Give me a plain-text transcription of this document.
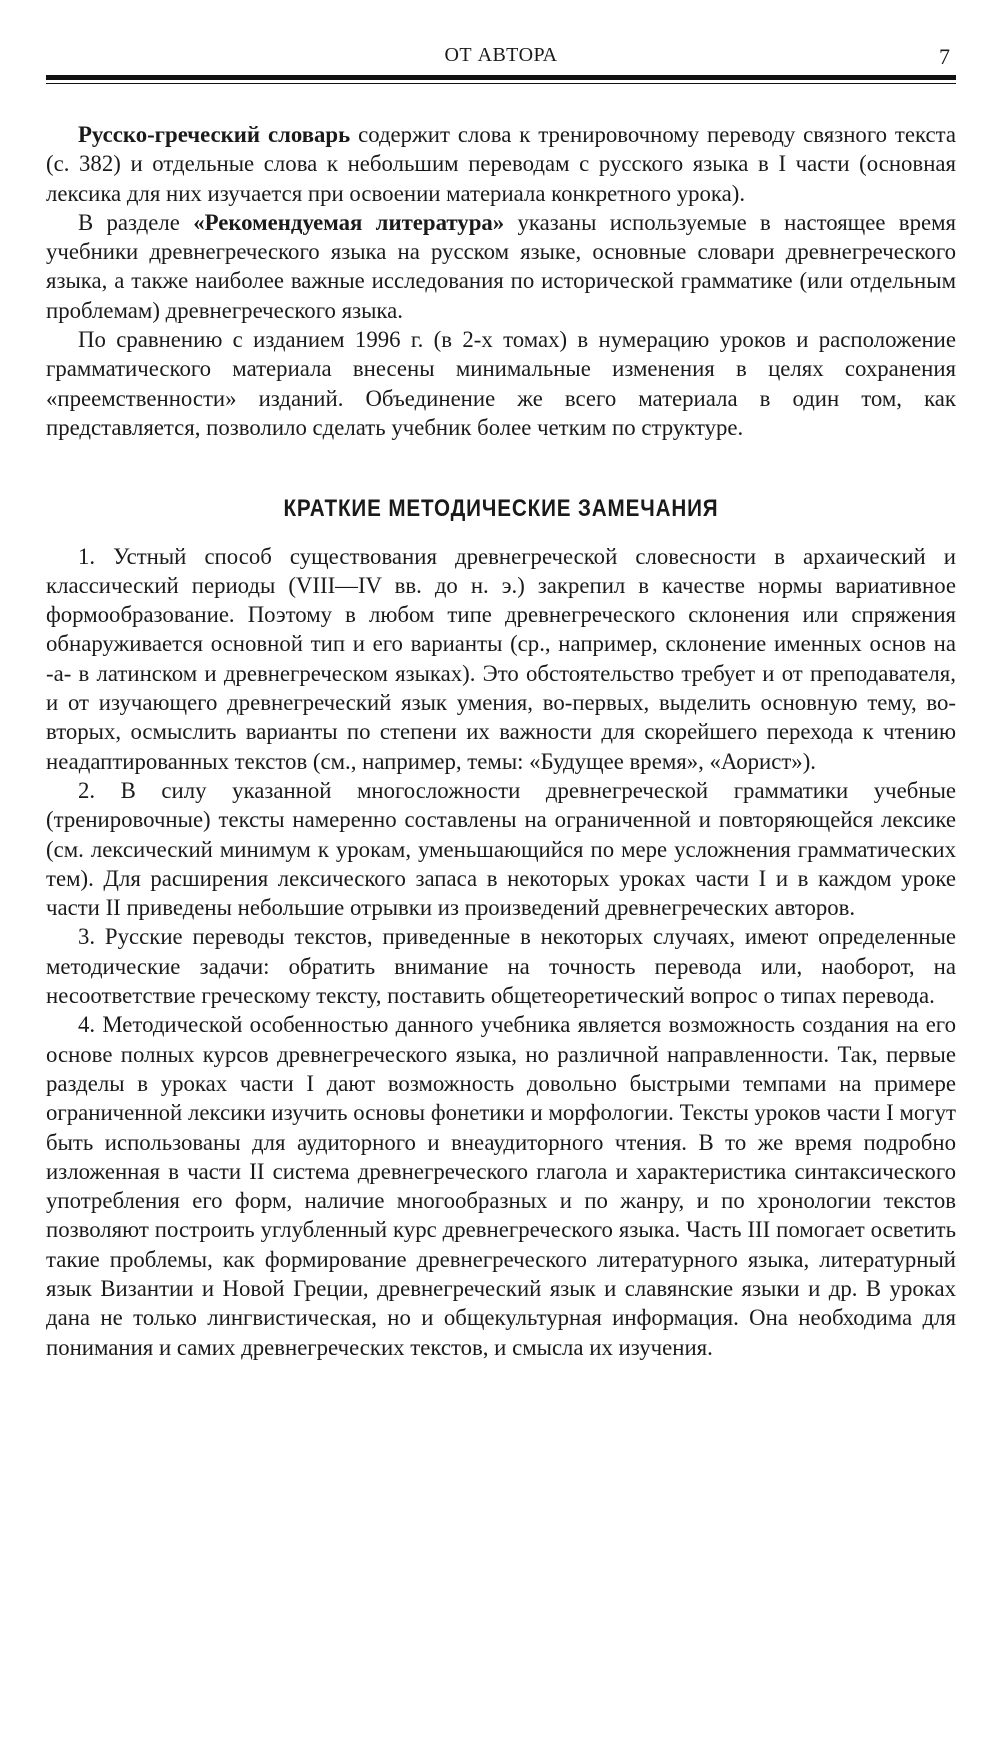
ОТ АВТОРА	7

Русско-греческий словарь содержит слова к тренировочному переводу связного текста (с. 382) и отдельные слова к небольшим переводам с русского языка в I части (основная лексика для них изучается при освоении материала конкретного урока).

В разделе «Рекомендуемая литература» указаны используемые в настоящее время учебники древнегреческого языка на русском языке, основные словари древнегреческого языка, а также наиболее важные исследования по исторической грамматике (или отдельным проблемам) древнегреческого языка.

По сравнению с изданием 1996 г. (в 2-х томах) в нумерацию уроков и расположение грамматического материала внесены минимальные изменения в целях сохранения «преемственности» изданий. Объединение же всего материала в один том, как представляется, позволило сделать учебник более четким по структуре.

КРАТКИЕ МЕТОДИЧЕСКИЕ ЗАМЕЧАНИЯ

1. Устный способ существования древнегреческой словесности в архаический и классический периоды (VIII—IV вв. до н. э.) закрепил в качестве нормы вариативное формообразование. Поэтому в любом типе древнегреческого склонения или спряжения обнаруживается основной тип и его варианты (ср., например, склонение именных основ на -а- в латинском и древнегреческом языках). Это обстоятельство требует и от преподавателя, и от изучающего древнегреческий язык умения, во-первых, выделить основную тему, во-вторых, осмыслить варианты по степени их важности для скорейшего перехода к чтению неадаптированных текстов (см., например, темы: «Будущее время», «Аорист»).

2. В силу указанной многосложности древнегреческой грамматики учебные (тренировочные) тексты намеренно составлены на ограниченной и повторяющейся лексике (см. лексический минимум к урокам, уменьшающийся по мере усложнения грамматических тем). Для расширения лексического запаса в некоторых уроках части I и в каждом уроке части II приведены небольшие отрывки из произведений древнегреческих авторов.

3. Русские переводы текстов, приведенные в некоторых случаях, имеют определенные методические задачи: обратить внимание на точность перевода или, наоборот, на несоответствие греческому тексту, поставить общетеоретический вопрос о типах перевода.

4. Методической особенностью данного учебника является возможность создания на его основе полных курсов древнегреческого языка, но различной направленности. Так, первые разделы в уроках части I дают возможность довольно быстрыми темпами на примере ограниченной лексики изучить основы фонетики и морфологии. Тексты уроков части I могут быть использованы для аудиторного и внеаудиторного чтения. В то же время подробно изложенная в части II система древнегреческого глагола и характеристика синтаксического употребления его форм, наличие многообразных и по жанру, и по хронологии текстов позволяют построить углубленный курс древнегреческого языка. Часть III помогает осветить такие проблемы, как формирование древнегреческого литературного языка, литературный язык Византии и Новой Греции, древнегреческий язык и славянские языки и др. В уроках дана не только лингвистическая, но и общекультурная информация. Она необходима для понимания и самих древнегреческих текстов, и смысла их изучения.
